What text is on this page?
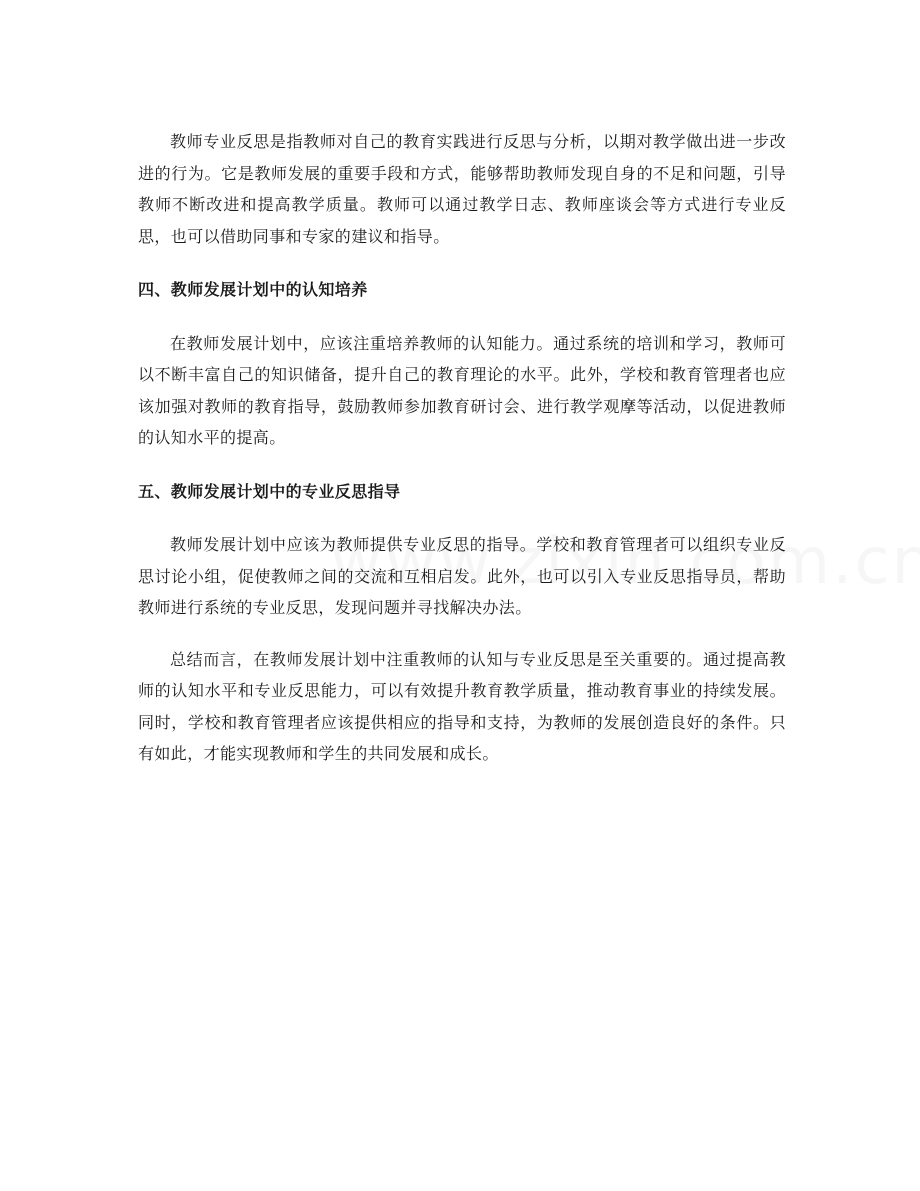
教师专业反思是指教师对自己的教育实践进行反思与分析，以期对教学做出进一步改进的行为。它是教师发展的重要手段和方式，能够帮助教师发现自身的不足和问题，引导教师不断改进和提高教学质量。教师可以通过教学日志、教师座谈会等方式进行专业反思，也可以借助同事和专家的建议和指导。

四、教师发展计划中的认知培养

在教师发展计划中，应该注重培养教师的认知能力。通过系统的培训和学习，教师可以不断丰富自己的知识储备，提升自己的教育理论的水平。此外，学校和教育管理者也应该加强对教师的教育指导，鼓励教师参加教育研讨会、进行教学观摩等活动，以促进教师的认知水平的提高。

五、教师发展计划中的专业反思指导

教师发展计划中应该为教师提供专业反思的指导。学校和教育管理者可以组织专业反思讨论小组，促使教师之间的交流和互相启发。此外，也可以引入专业反思指导员，帮助教师进行系统的专业反思，发现问题并寻找解决办法。

总结而言，在教师发展计划中注重教师的认知与专业反思是至关重要的。通过提高教师的认知水平和专业反思能力，可以有效提升教育教学质量，推动教育事业的持续发展。同时，学校和教育管理者应该提供相应的指导和支持，为教师的发展创造良好的条件。只有如此，才能实现教师和学生的共同发展和成长。
